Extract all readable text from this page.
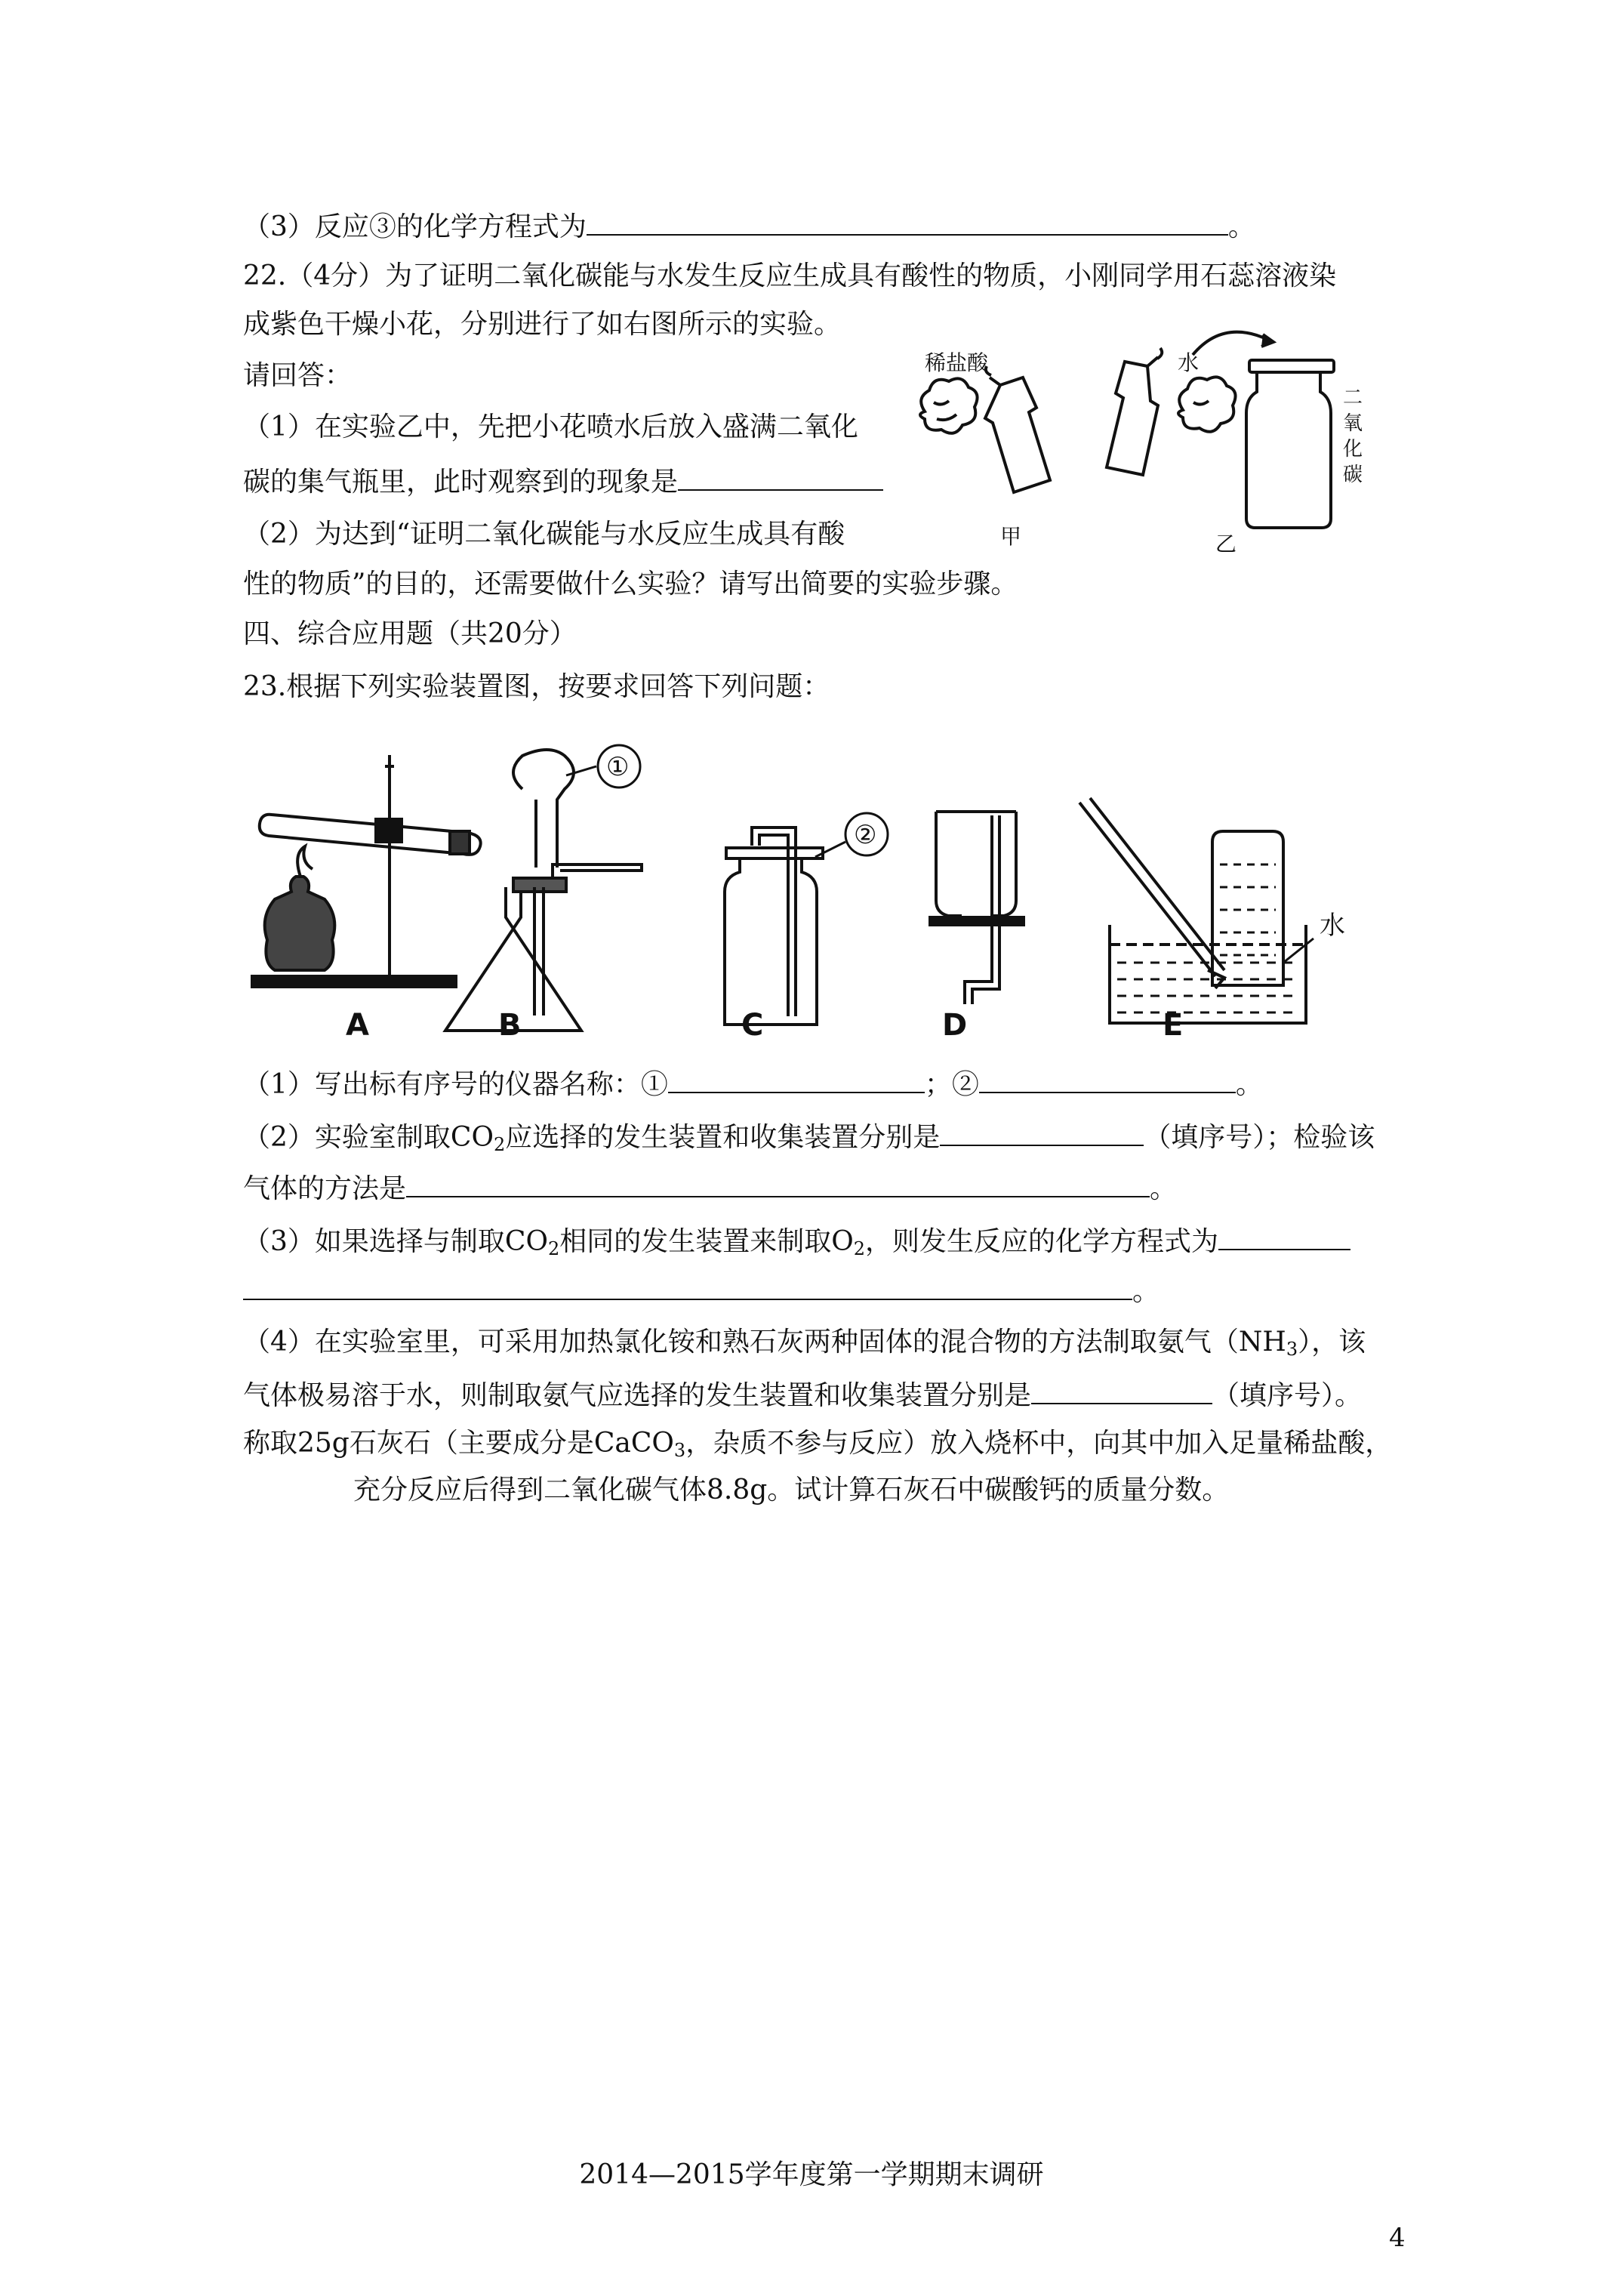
（3）反应③的化学方程式为	。
22.（4分）为了证明二氧化碳能与水发生反应生成具有酸性的物质，小刚同学用石蕊溶液染
成紫色干燥小花，分别进行了如右图所示的实验。
请回答：
（1）在实验乙中，先把小花喷水后放入盛满二氧化
碳的集气瓶里，此时观察到的现象是
（2）为达到“证明二氧化碳能与水反应生成具有酸
性的物质”的目的，还需要做什么实验？请写出简要的实验步骤。
稀盐酸	水
甲	乙
二氧化碳
四、综合应用题（共20分）
23.根据下列实验装置图，按要求回答下列问题：
A	B	C	D	E
①
②
水
（1）写出标有序号的仪器名称：①	；②	。
（2）实验室制取$CO_2$应选择的发生装置和收集装置分别是	（填序号）；检验该
气体的方法是	。
（3）如果选择与制取$CO_2$相同的发生装置来制取$O_2$，则发生反应的化学方程式为
。
（4）在实验室里，可采用加热氯化铵和熟石灰两种固体的混合物的方法制取氨气$(NH_3)$，该
气体极易溶于水，则制取氨气应选择的发生装置和收集装置分别是	（填序号）。
称取25g石灰石（主要成分是CaCO$_3$，杂质不参与反应）放入烧杯中，向其中加入足量稀盐酸，
充分反应后得到二氧化碳气体8.8g。试计算石灰石中碳酸钙的质量分数。
2014—2015学年度第一学期期末调研
4
